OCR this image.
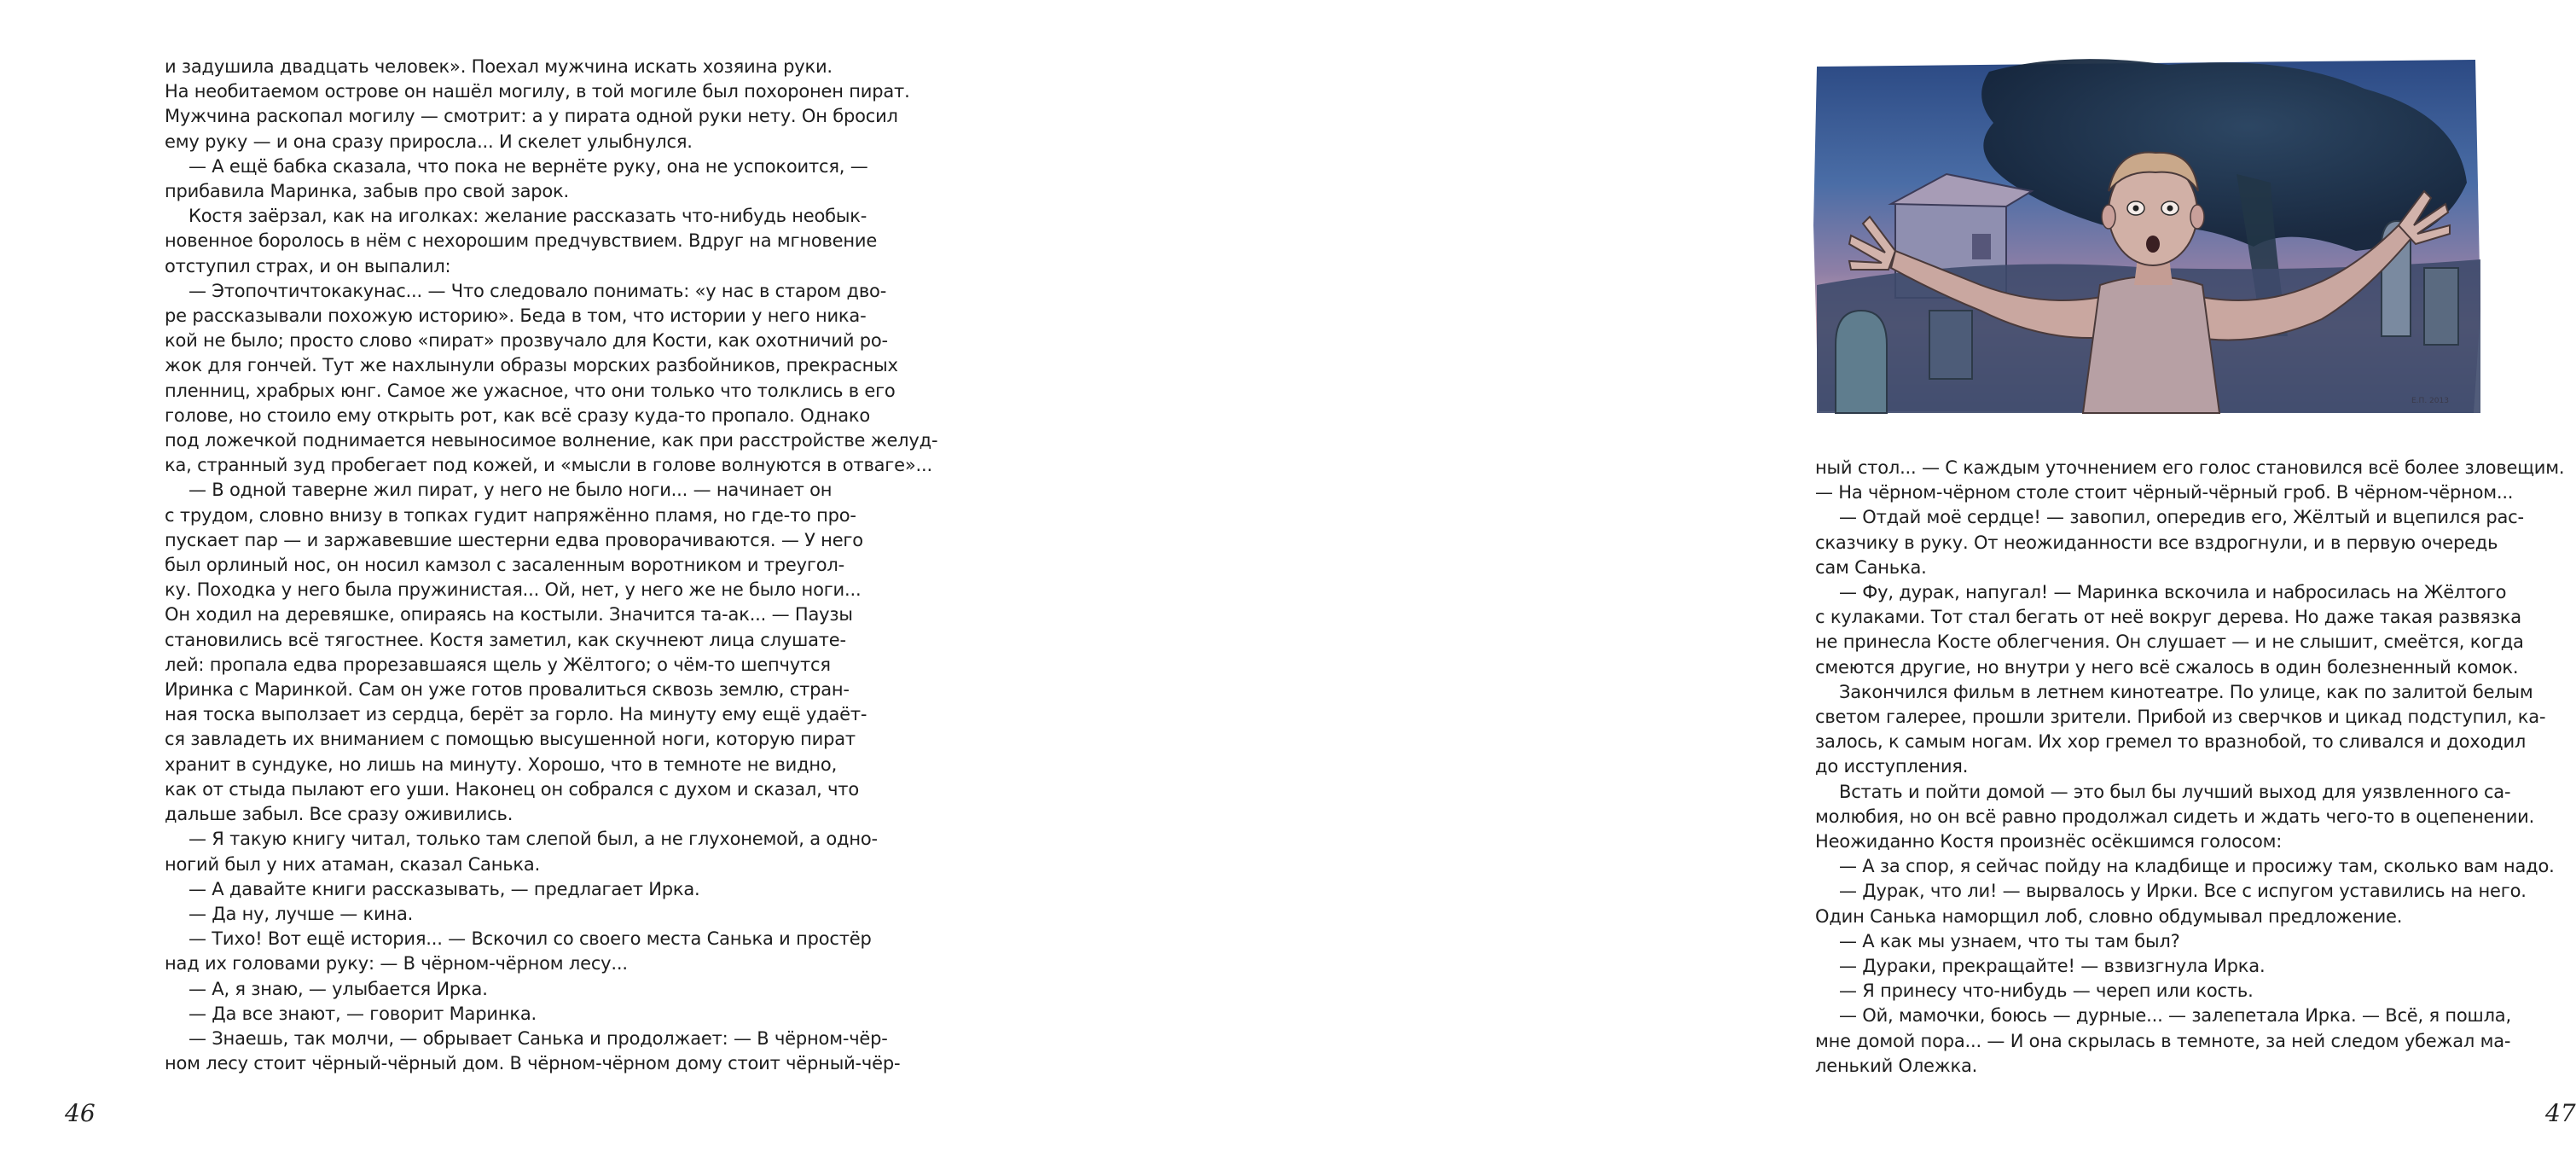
и задушила двадцать человек». Поехал мужчина искать хозяина руки.
На необитаемом острове он нашёл могилу, в той могиле был похоронен пират.
Мужчина раскопал могилу — смотрит: а у пирата одной руки нету. Он бросил
ему руку — и она сразу приросла... И скелет улыбнулся.
— А ещё бабка сказала, что пока не вернёте руку, она не успокоится, —
прибавила Маринка, забыв про свой зарок.
Костя заёрзал, как на иголках: желание рассказать что-нибудь необык-
новенное боролось в нём с нехорошим предчувствием. Вдруг на мгновение
отступил страх, и он выпалил:
— Этопочтичтокакунас... — Что следовало понимать: «у нас в старом дво-
ре рассказывали похожую историю». Беда в том, что истории у него ника-
кой не было; просто слово «пират» прозвучало для Кости, как охотничий ро-
жок для гончей. Тут же нахлынули образы морских разбойников, прекрасных
пленниц, храбрых юнг. Самое же ужасное, что они только что толклись в его
голове, но стоило ему открыть рот, как всё сразу куда-то пропало. Однако
под ложечкой поднимается невыносимое волнение, как при расстройстве желуд-
ка, странный зуд пробегает под кожей, и «мысли в голове волнуются в отваге»...
— В одной таверне жил пират, у него не было ноги... — начинает он
с трудом, словно внизу в топках гудит напряжённо пламя, но где-то про-
пускает пар — и заржавевшие шестерни едва проворачиваются. — У него
был орлиный нос, он носил камзол с засаленным воротником и треугол-
ку. Походка у него была пружинистая... Ой, нет, у него же не было ноги...
Он ходил на деревяшке, опираясь на костыли. Значится та-ак... — Паузы
становились всё тягостнее. Костя заметил, как скучнеют лица слушате-
лей: пропала едва прорезавшаяся щель у Жёлтого; о чём-то шепчутся
Иринка с Маринкой. Сам он уже готов провалиться сквозь землю, стран-
ная тоска выползает из сердца, берёт за горло. На минуту ему ещё удаёт-
ся завладеть их вниманием с помощью высушенной ноги, которую пират
хранит в сундуке, но лишь на минуту. Хорошо, что в темноте не видно,
как от стыда пылают его уши. Наконец он собрался с духом и сказал, что
дальше забыл. Все сразу оживились.
— Я такую книгу читал, только там слепой был, а не глухонемой, а одно-
ногий был у них атаман, сказал Санька.
— А давайте книги рассказывать, — предлагает Ирка.
— Да ну, лучше — кина.
— Тихо! Вот ещё история... — Вскочил со своего места Санька и простёр
над их головами руку: — В чёрном-чёрном лесу...
— А, я знаю, — улыбается Ирка.
— Да все знают, — говорит Маринка.
— Знаешь, так молчи, — обрывает Санька и продолжает: — В чёрном-чёр-
ном лесу стоит чёрный-чёрный дом. В чёрном-чёрном дому стоит чёрный-чёр-
46
Е.П. 2013
ный стол... — С каждым уточнением его голос становился всё более зловещим.
— На чёрном-чёрном столе стоит чёрный-чёрный гроб. В чёрном-чёрном...
— Отдай моё сердце! — завопил, опередив его, Жёлтый и вцепился рас-
сказчику в руку. От неожиданности все вздрогнули, и в первую очередь
сам Санька.
— Фу, дурак, напугал! — Маринка вскочила и набросилась на Жёлтого
с кулаками. Тот стал бегать от неё вокруг дерева. Но даже такая развязка
не принесла Косте облегчения. Он слушает — и не слышит, смеётся, когда
смеются другие, но внутри у него всё сжалось в один болезненный комок.
Закончился фильм в летнем кинотеатре. По улице, как по залитой белым
светом галерее, прошли зрители. Прибой из сверчков и цикад подступил, ка-
залось, к самым ногам. Их хор гремел то вразнобой, то сливался и доходил
до исступления.
Встать и пойти домой — это был бы лучший выход для уязвленного са-
молюбия, но он всё равно продолжал сидеть и ждать чего-то в оцепенении.
Неожиданно Костя произнёс осёкшимся голосом:
— А за спор, я сейчас пойду на кладбище и просижу там, сколько вам надо.
— Дурак, что ли! — вырвалось у Ирки. Все с испугом уставились на него.
Один Санька наморщил лоб, словно обдумывал предложение.
— А как мы узнаем, что ты там был?
— Дураки, прекращайте! — взвизгнула Ирка.
— Я принесу что-нибудь — череп или кость.
— Ой, мамочки, боюсь — дурные... — залепетала Ирка. — Всё, я пошла,
мне домой пора... — И она скрылась в темноте, за ней следом убежал ма-
ленький Олежка.
47
